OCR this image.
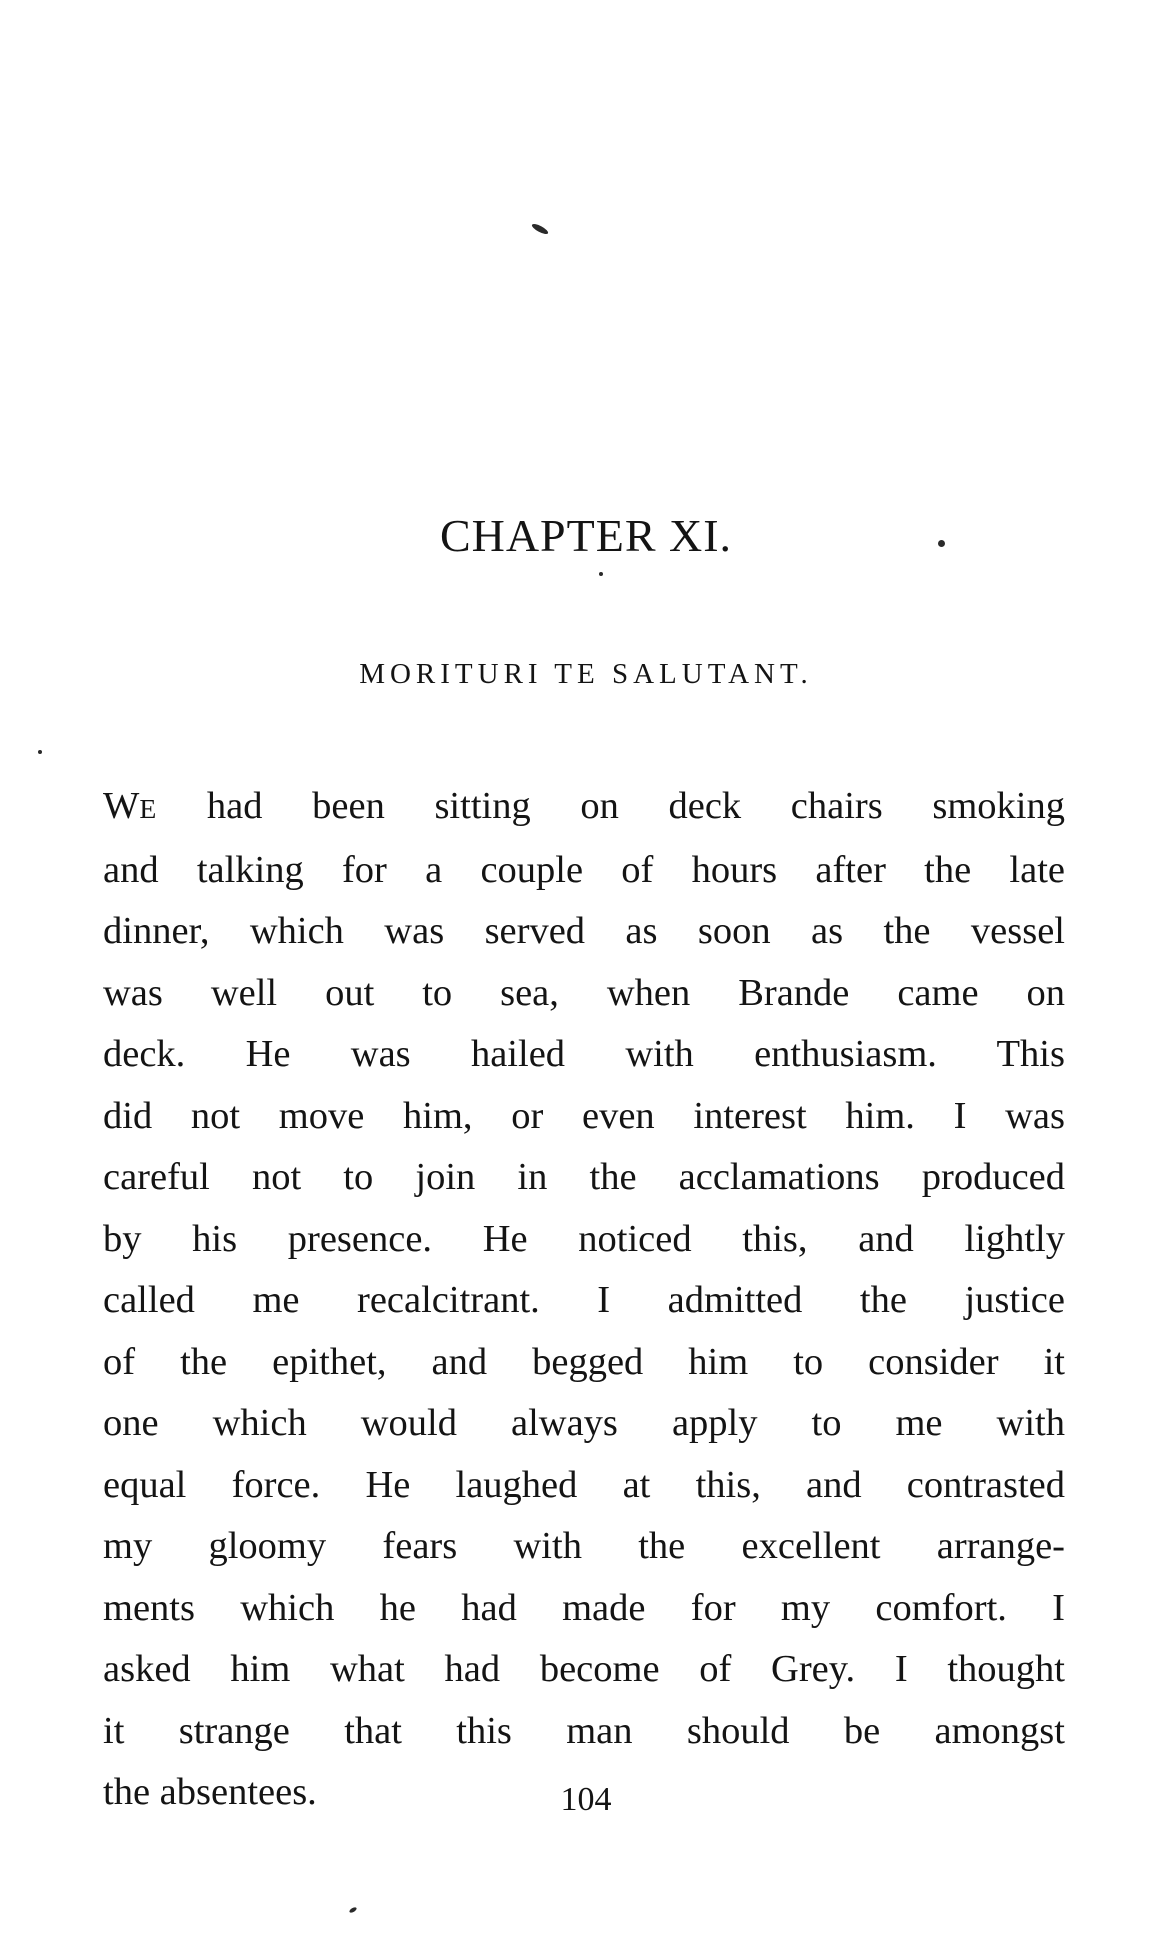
CHAPTER XI.
MORITURI TE SALUTANT.

WE had been sitting on deck chairs smoking
and talking for a couple of hours after the late
dinner, which was served as soon as the vessel
was well out to sea, when Brande came on
deck. He was hailed with enthusiasm. This
did not move him, or even interest him. I was
careful not to join in the acclamations produced
by his presence. He noticed this, and lightly
called me recalcitrant. I admitted the justice
of the epithet, and begged him to consider it
one which would always apply to me with
equal force. He laughed at this, and contrasted
my gloomy fears with the excellent arrange-
ments which he had made for my comfort. I
asked him what had become of Grey. I thought
it strange that this man should be amongst
the absentees.	104
